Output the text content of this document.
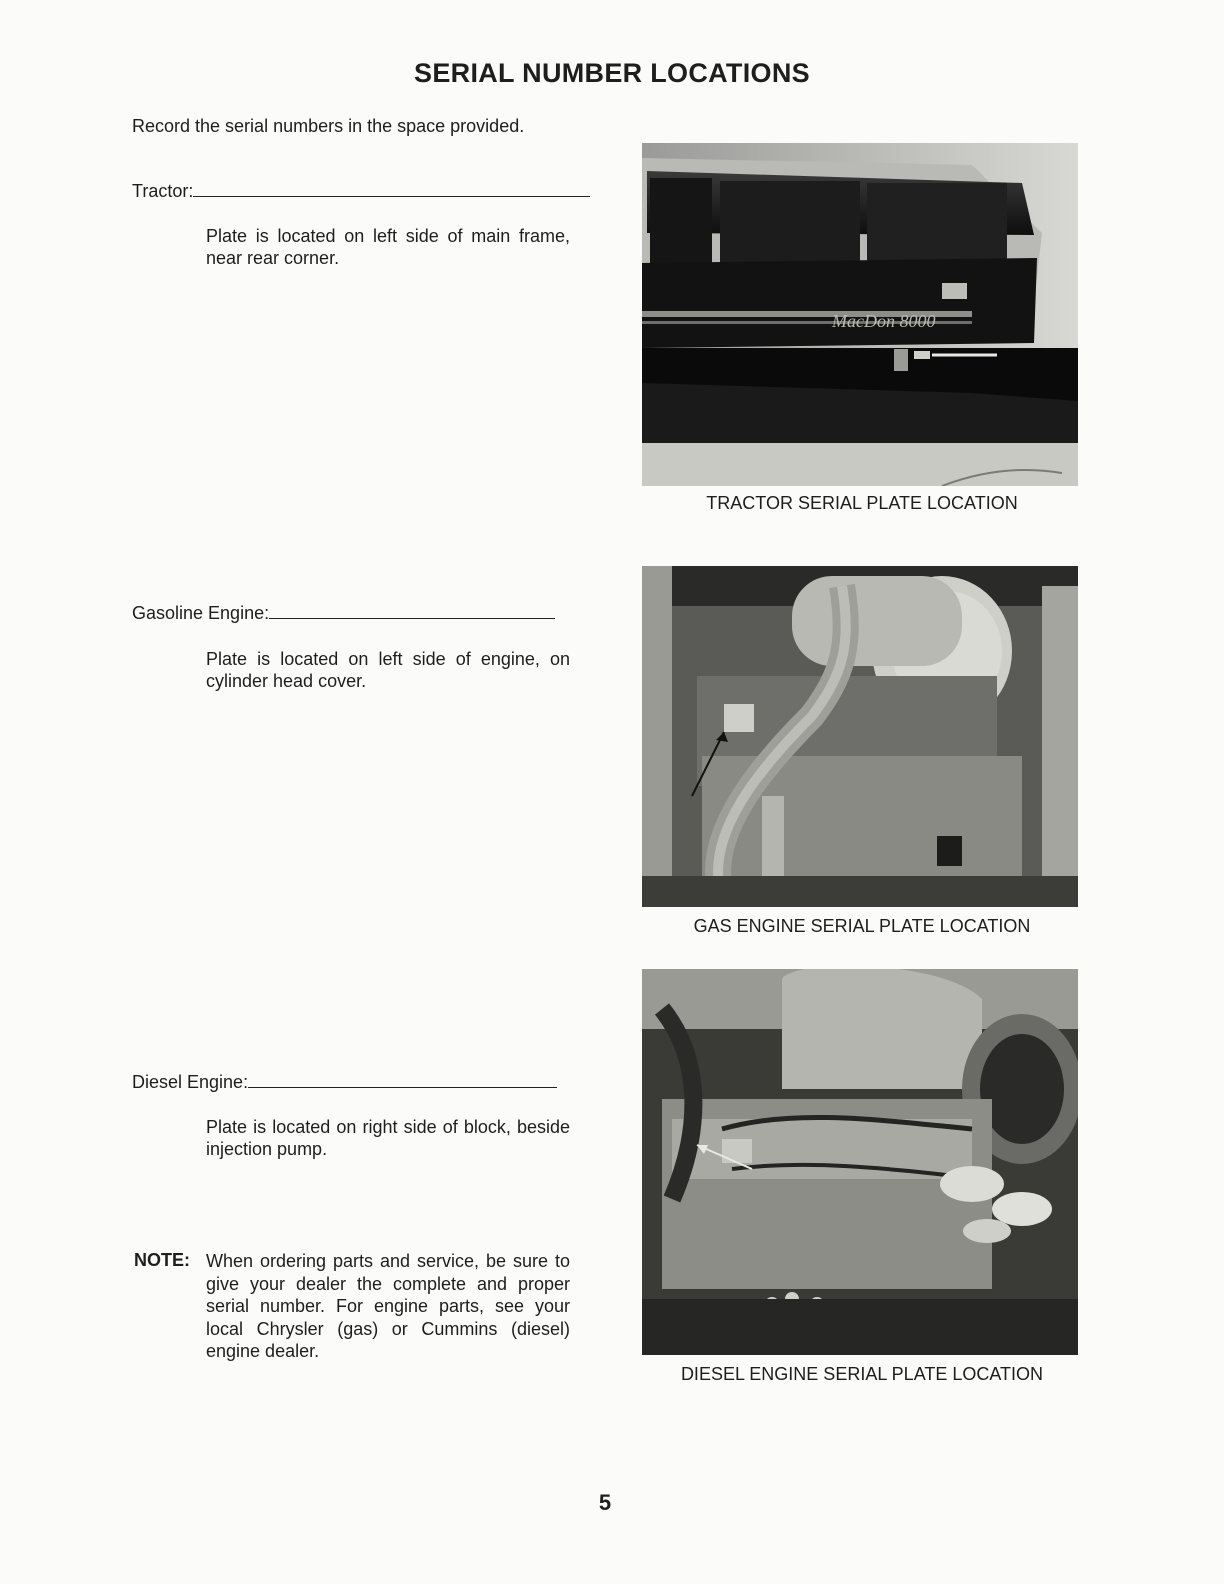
SERIAL NUMBER LOCATIONS
Record the serial numbers in the space provided.
Tractor:
Plate is located on left side of main frame, near rear corner.
Gasoline Engine:
Plate is located on left side of engine, on cylinder head cover.
Diesel Engine:
Plate is located on right side of block, beside injection pump.
NOTE: When ordering parts and service, be sure to give your dealer the complete and proper serial number. For engine parts, see your local Chrysler (gas) or Cummins (diesel) engine dealer.
MacDon 8000
TRACTOR SERIAL PLATE LOCATION
GAS ENGINE SERIAL PLATE LOCATION
DIESEL ENGINE SERIAL PLATE LOCATION
5
